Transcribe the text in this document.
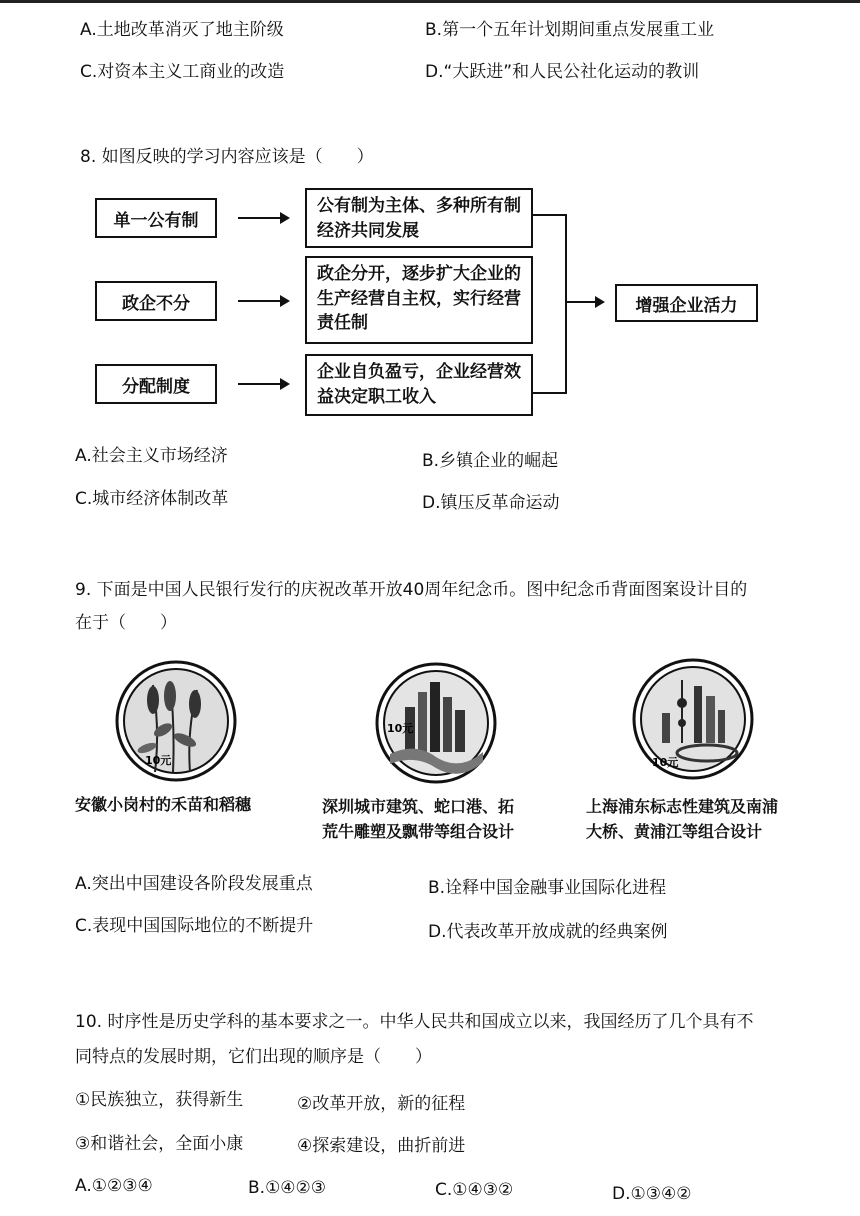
A.土地改革消灭了地主阶级	B.第一个五年计划期间重点发展重工业
C.对资本主义工商业的改造	D.“大跃进”和人民公社化运动的教训
8. 如图反映的学习内容应该是（　　）
单一公有制
政企不分
分配制度
公有制为主体、多种所有制经济共同发展
政企分开，逐步扩大企业的生产经营自主权，实行经营责任制
企业自负盈亏，企业经营效益决定职工收入
增强企业活力
A.社会主义市场经济	B.乡镇企业的崛起
C.城市经济体制改革	D.镇压反革命运动
9. 下面是中国人民银行发行的庆祝改革开放40周年纪念币。图中纪念币背面图案设计目的
在于（　　）
10元
10元
10元
安徽小岗村的禾苗和稻穗	深圳城市建筑、蛇口港、拓
荒牛雕塑及飘带等组合设计
上海浦东标志性建筑及南浦
大桥、黄浦江等组合设计
A.突出中国建设各阶段发展重点	B.诠释中国金融事业国际化进程
C.表现中国国际地位的不断提升	D.代表改革开放成就的经典案例
10. 时序性是历史学科的基本要求之一。中华人民共和国成立以来，我国经历了几个具有不
同特点的发展时期，它们出现的顺序是（　　）
①民族独立，获得新生	②改革开放，新的征程
③和谐社会，全面小康	④探索建设，曲折前进
A.①②③④	B.①④②③	C.①④③②	D.①③④②
